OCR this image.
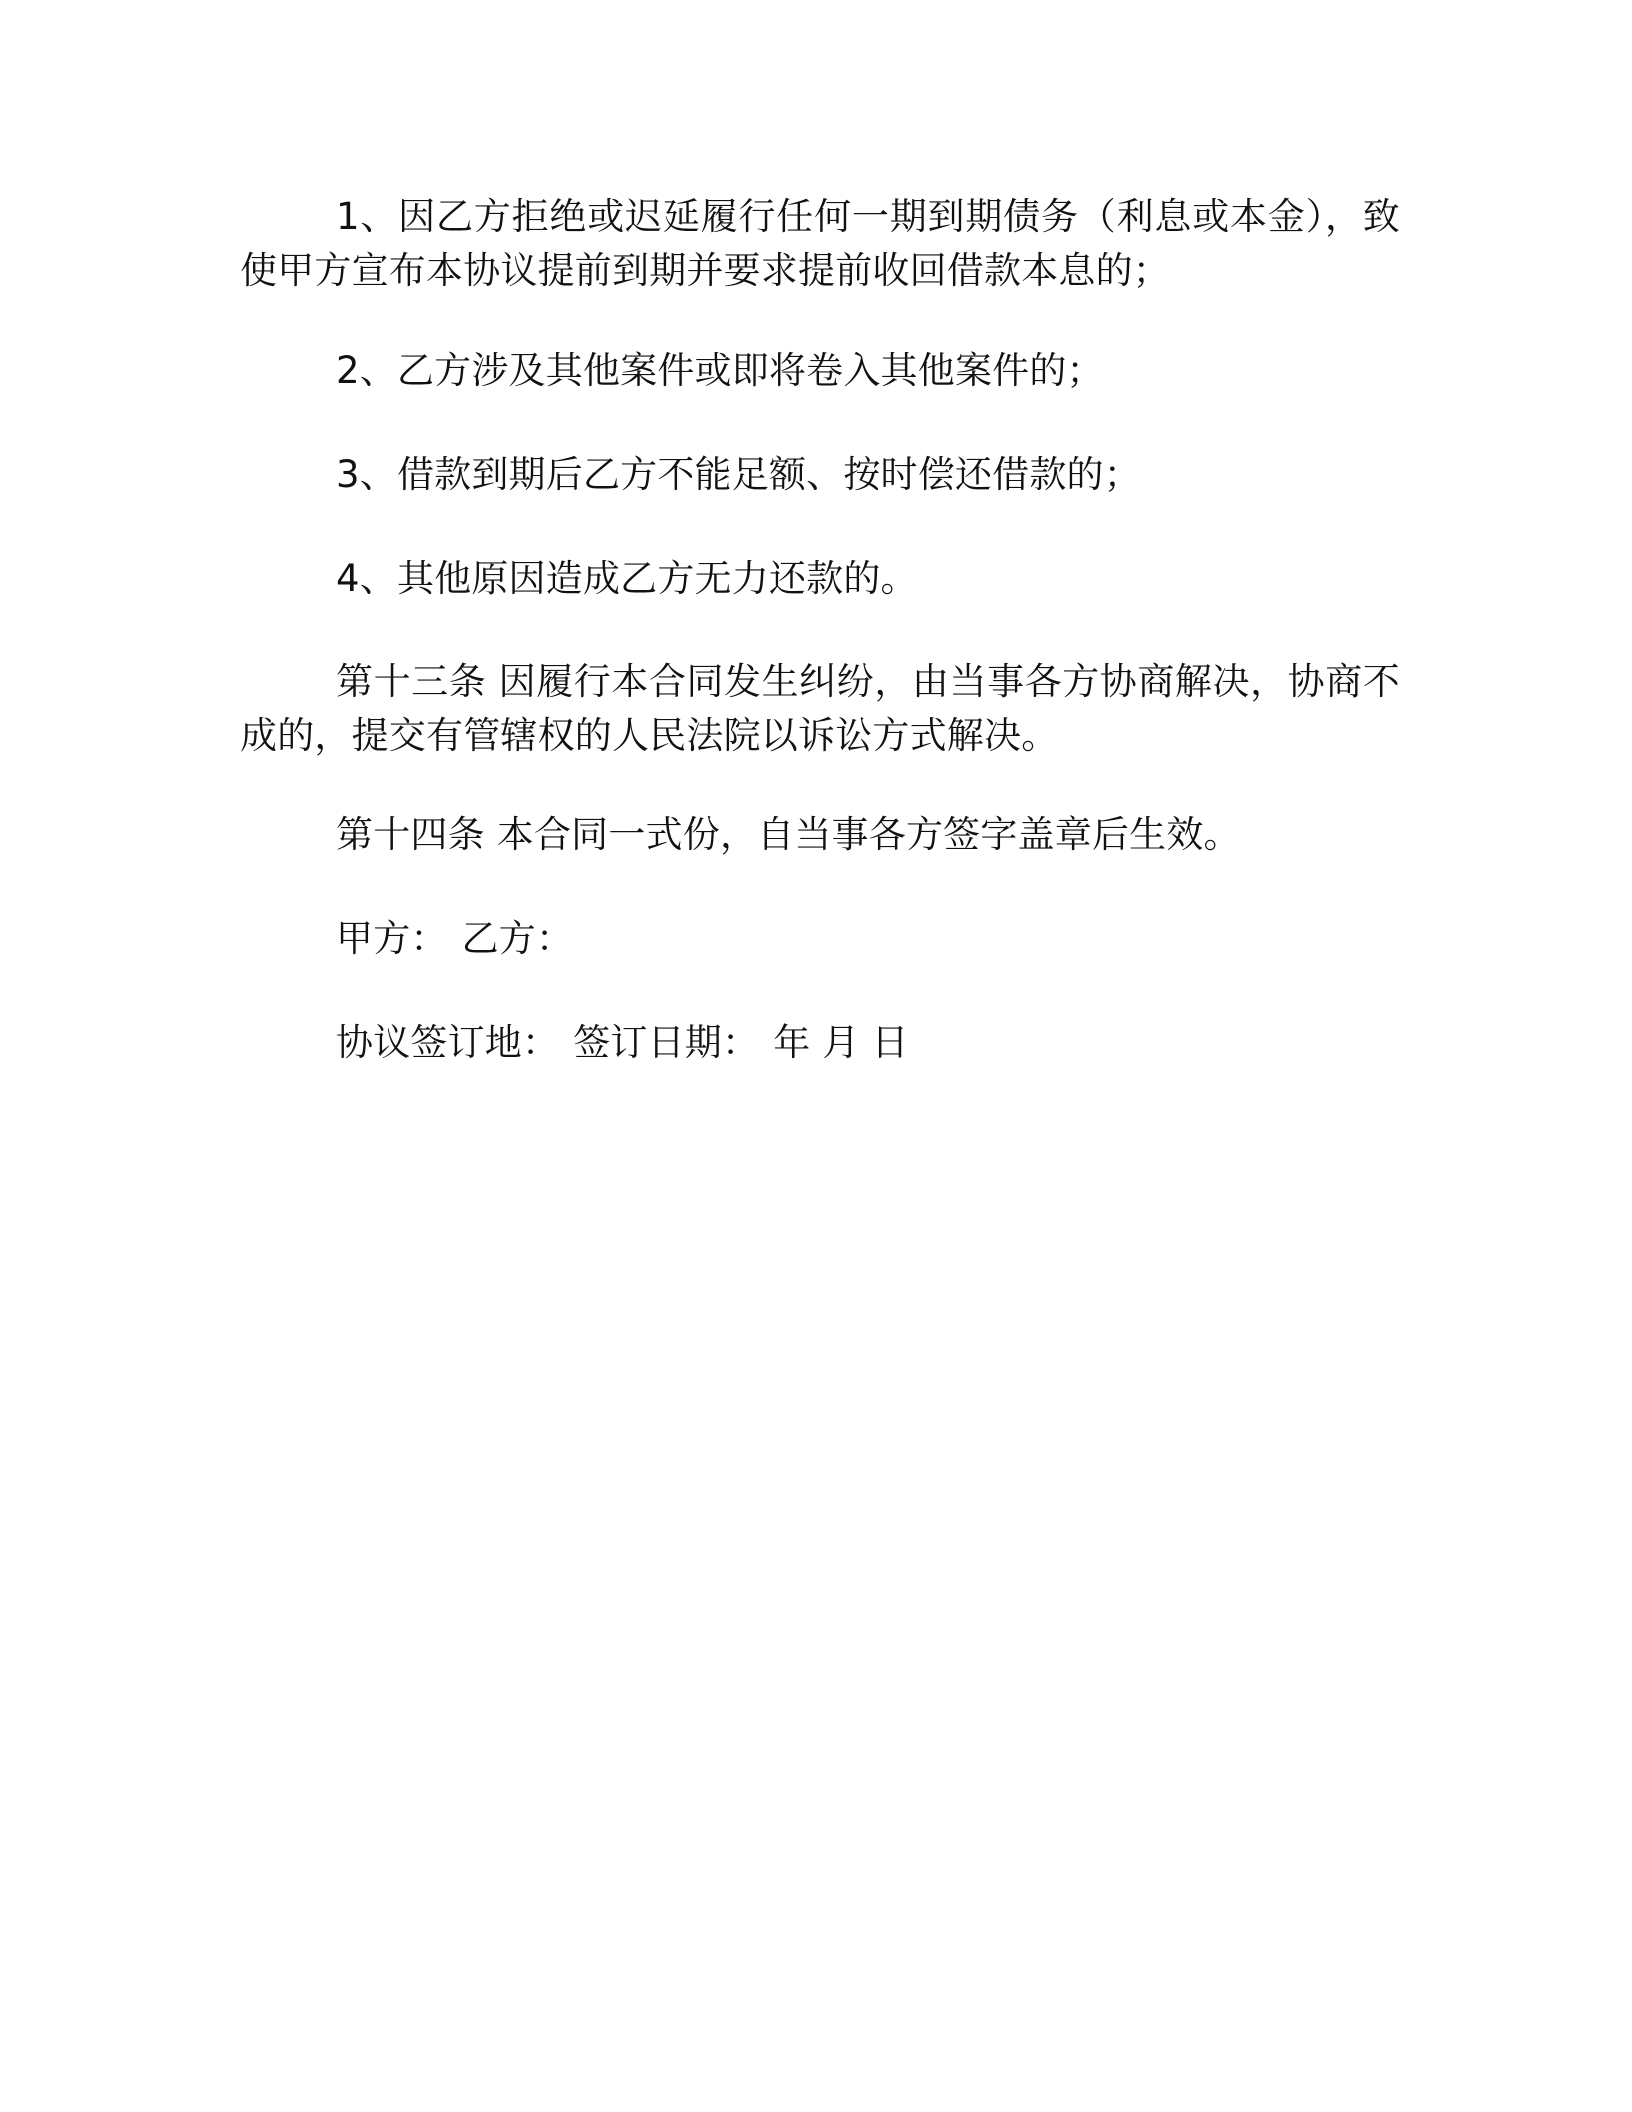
1、因乙方拒绝或迟延履行任何一期到期债务（利息或本金），致使甲方宣布本协议提前到期并要求提前收回借款本息的；

2、乙方涉及其他案件或即将卷入其他案件的；

3、借款到期后乙方不能足额、按时偿还借款的；

4、其他原因造成乙方无力还款的。

第十三条 因履行本合同发生纠纷，由当事各方协商解决，协商不成的，提交有管辖权的人民法院以诉讼方式解决。

第十四条 本合同一式份，自当事各方签字盖章后生效。

甲方： 乙方：

协议签订地： 签订日期： 年 月 日
